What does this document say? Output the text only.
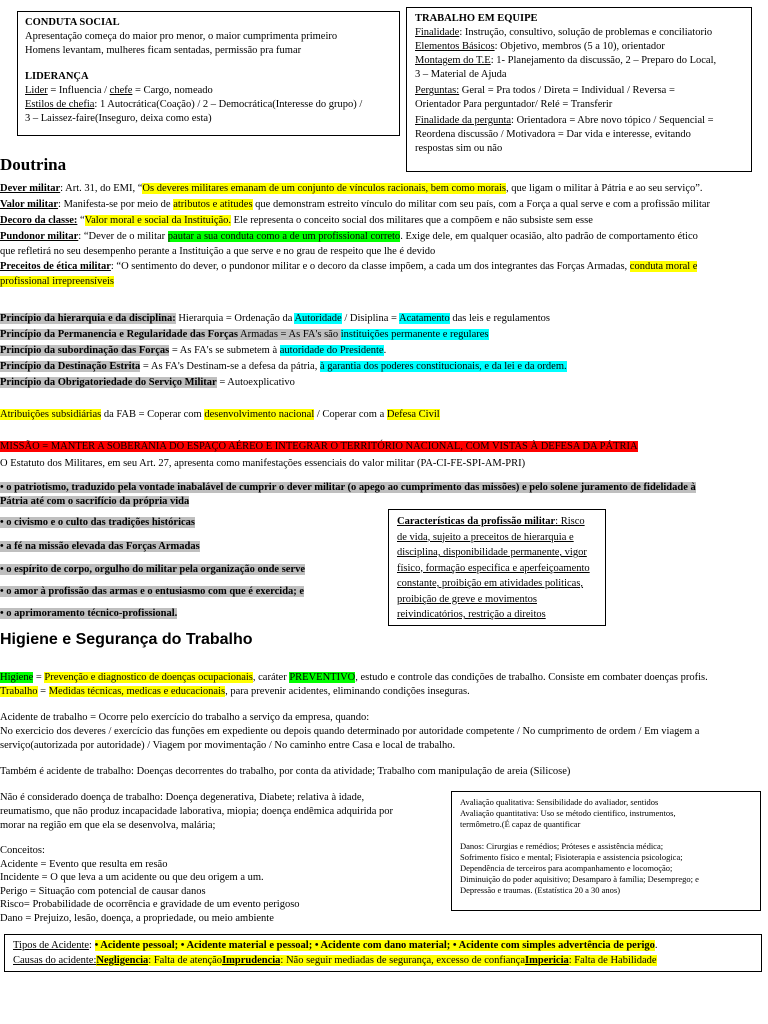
CONDUTA SOCIAL
Apresentação começa do maior pro menor, o maior cumprimenta primeiro
Homens levantam, mulheres ficam sentadas, permissão pra fumar
LIDERANÇA
Lider = Influencia / chefe = Cargo, nomeado
Estilos de chefia: 1 Autocrática(Coação) / 2 – Democrática(Interesse do grupo) /
3 – Laissez-faire(Inseguro, deixa como esta)
TRABALHO EM EQUIPE
Finalidade: Instrução, consultivo, solução de problemas e conciliatorio
Elementos Básicos: Objetivo, membros (5 a 10), orientador
Montagem do T.E: 1- Planejamento da discussão, 2 – Preparo do Local,
3 – Material de Ajuda
Perguntas: Geral = Pra todos / Direta = Individual / Reversa =
Orientador Para perguntador/ Relé = Transferir
Finalidade da pergunta: Orientadora = Abre novo tópico / Sequencial =
Reordena discussão / Motivadora = Dar vida e interesse, evitando
respostas sim ou não
Doutrina
Dever militar: Art. 31, do EMI, “Os deveres militares emanam de um conjunto de vínculos racionais, bem como morais, que ligam o militar à Pátria e ao seu serviço”.
Valor militar: Manifesta-se por meio de atributos e atitudes que demonstram estreito vínculo do militar com seu país, com a Força a qual serve e com a profissão militar
Decoro da classe: “Valor moral e social da Instituição. Ele representa o conceito social dos militares que a compõem e não subsiste sem esse
Pundonor militar: “Dever de o militar pautar a sua conduta como a de um profissional correto. Exige dele, em qualquer ocasião, alto padrão de comportamento ético
que refletirá no seu desempenho perante a Instituição a que serve e no grau de respeito que lhe é devido
Preceitos de ética militar: “O sentimento do dever, o pundonor militar e o decoro da classe impõem, a cada um dos integrantes das Forças Armadas, conduta moral e
profissional irrepreensíveis
Princípio da hierarquia e da disciplina: Hierarquia = Ordenação da Autoridade / Disiplina = Acatamento das leis e regulamentos
Princípio da Permanencia e Regularidade das Forças Armadas = As FA's são instituições permanente e regulares
Princípio da subordinação das Forças = As FA's se submetem à autoridade do Presidente.
Princípio da Destinação Estrita = As FA's Destinam-se a defesa da pátria, à garantia dos poderes constitucionais, e da lei e da ordem.
Princípio da Obrigatoriedade do Serviço Militar = Autoexplicativo
Atribuições subsidiárias da FAB = Coperar com desenvolvimento nacional / Coperar com a Defesa Civil
MISSÃO = MANTER A SOBERANIA DO ESPAÇO AÉREO E INTEGRAR O TERRITÓRIO NACIONAL, COM VISTAS À DEFESA DA PÁTRIA
O Estatuto dos Militares, em seu Art. 27, apresenta como manifestações essenciais do valor militar (PA-CI-FE-SPI-AM-PRI)
• o patriotismo, traduzido pela vontade inabalável de cumprir o dever militar (o apego ao cumprimento das missões) e pelo solene juramento de fidelidade à
Pátria até com o sacrifício da própria vida
• o civismo e o culto das tradições históricas
• a fé na missão elevada das Forças Armadas
• o espírito de corpo, orgulho do militar pela organização onde serve
• o amor à profissão das armas e o entusiasmo com que é exercida; e
• o aprimoramento técnico-profissional.
Características da profissão militar: Risco
de vida, sujeito a preceitos de hierarquia e
disciplina, disponibilidade permanente, vigor
físico, formação especifica e aperfeiçoamento
constante, proibição em atividades politicas,
proibição de greve e movimentos
reivindicatórios, restrição a direitos
Higiene e Segurança do Trabalho
Higiene = Prevenção e diagnostico de doenças ocupacionais, caráter PREVENTIVO, estudo e controle das condições de trabalho. Consiste em combater doenças profis.
Trabalho = Medidas técnicas, medicas e educacionais, para prevenir acidentes, eliminando condições inseguras.
Acidente de trabalho = Ocorre pelo exercício do trabalho a serviço da empresa, quando:
No exercicio dos deveres / exercício das funções em expediente ou depois quando determinado por autoridade competente / No cumprimento de ordem / Em viagem a
serviço(autorizada por autoridade) / Viagem por movimentação / No caminho entre Casa e local de trabalho.
Também é acidente de trabalho: Doenças decorrentes do trabalho, por conta da atividade; Trabalho com manipulação de areia (Silicose)
Não é considerado doença de trabalho: Doença degenerativa, Diabete; relativa à idade,
reumatismo, que não produz incapacidade laborativa, miopia; doença endêmica adquirida por
morar na região em que ela se desenvolva, malária;
Conceitos:
Acidente = Evento que resulta em resão
Incidente = O que leva a um acidente ou que deu origem a um.
Perigo = Situação com potencial de causar danos
Risco= Probabilidade de ocorrência e gravidade de um evento perigoso
Dano = Prejuizo, lesão, doença, a propriedade, ou meio ambiente
Avaliação qualitativa: Sensibilidade do avaliador, sentidos
Avaliação quantitativa: Uso se método cientifico, instrumentos,
termômetro.(É capaz de quantificar
Danos: Cirurgias e remédios; Próteses e assistência médica;
Sofrimento físico e mental; Fisioterapia e assistencia psicologica;
Dependência de terceiros para acompanhamento e locomoção;
Diminuição do poder aquisitivo; Desamparo à família; Desemprego; e
Depressão e traumas. (Estatística 20 a 30 anos)
Tipos de Acidente: • Acidente pessoal; • Acidente material e pessoal; • Acidente com dano material; • Acidente com simples advertência de perigo.
Causas do acidente:Negligencia: Falta de atençãoImprudencia: Não seguir mediadas de segurança, excesso de confiançaImpericia: Falta de Habilidade
